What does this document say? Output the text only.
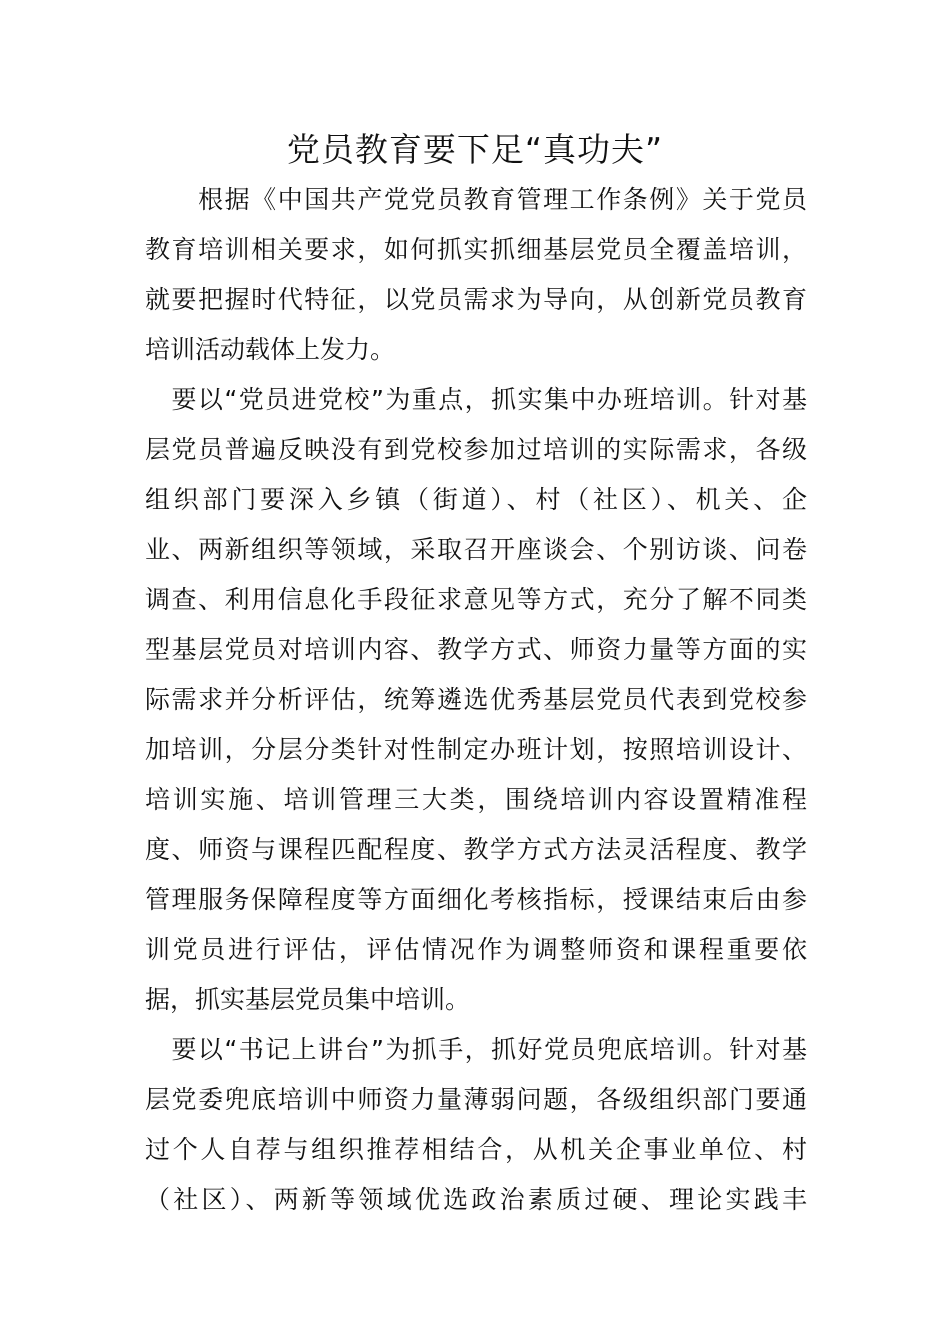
党员教育要下足“真功夫”
　　根据《中国共产党党员教育管理工作条例》关于党员
教育培训相关要求，如何抓实抓细基层党员全覆盖培训，
就要把握时代特征，以党员需求为导向，从创新党员教育
培训活动载体上发力。
　要以“党员进党校”为重点，抓实集中办班培训。针对基
层党员普遍反映没有到党校参加过培训的实际需求，各级
组织部门要深入乡镇（街道）、村（社区）、机关、企
业、两新组织等领域，采取召开座谈会、个别访谈、问卷
调查、利用信息化手段征求意见等方式，充分了解不同类
型基层党员对培训内容、教学方式、师资力量等方面的实
际需求并分析评估，统筹遴选优秀基层党员代表到党校参
加培训，分层分类针对性制定办班计划，按照培训设计、
培训实施、培训管理三大类，围绕培训内容设置精准程
度、师资与课程匹配程度、教学方式方法灵活程度、教学
管理服务保障程度等方面细化考核指标，授课结束后由参
训党员进行评估，评估情况作为调整师资和课程重要依
据，抓实基层党员集中培训。
　要以“书记上讲台”为抓手，抓好党员兜底培训。针对基
层党委兜底培训中师资力量薄弱问题，各级组织部门要通
过个人自荐与组织推荐相结合，从机关企事业单位、村
（社区）、两新等领域优选政治素质过硬、理论实践丰
